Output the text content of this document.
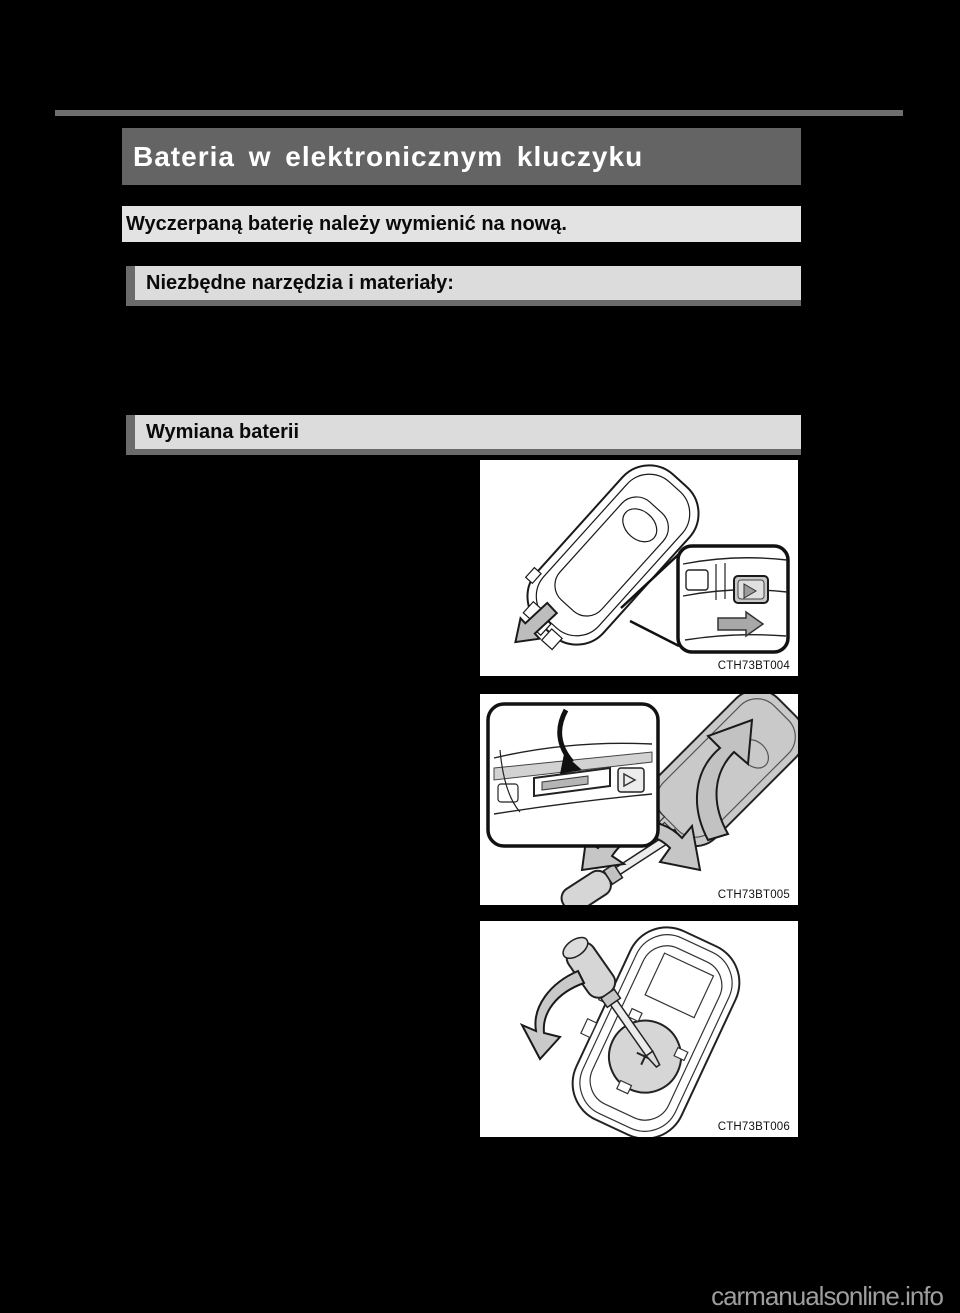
Bateria w elektronicznym kluczyku
Wyczerpaną baterię należy wymienić na nową.
Niezbędne narzędzia i materiały:
Wymiana baterii
CTH73BT004
CTH73BT005
CTH73BT006
carmanualsonline.info
